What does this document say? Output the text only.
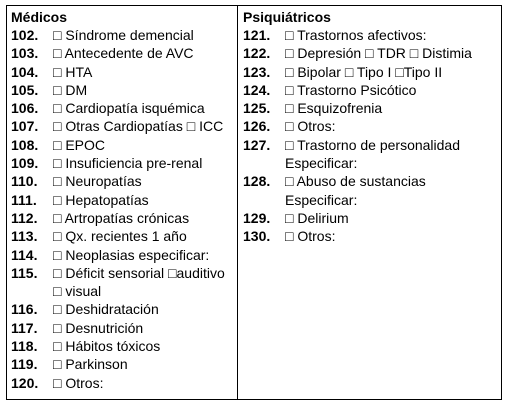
Médicos
102.	□ Síndrome demencial
103.	□ Antecedente de AVC
104.	□ HTA
105.	□ DM
106.	□ Cardiopatía isquémica
107.	□ Otras Cardiopatías □ ICC
108.	□ EPOC
109.	□ Insuficiencia pre-renal
110.	□ Neuropatías
111.	□ Hepatopatías
112.	□ Artropatías crónicas
113.	□ Qx. recientes 1 año
114.	□ Neoplasias especificar:
115.	□ Déficit sensorial □auditivo
□ visual
116.	□ Deshidratación
117.	□ Desnutrición
118.	□ Hábitos tóxicos
119.	□ Parkinson
120.	□ Otros:
Psiquiátricos
121.	□ Trastornos afectivos:
122.	□ Depresión □ TDR □ Distimia
123.	□ Bipolar □ Tipo I □Tipo II
124.	□ Trastorno Psicótico
125.	□ Esquizofrenia
126.	□ Otros:
127.	□ Trastorno de personalidad
Especificar:
128.	□ Abuso de sustancias
Especificar:
129.	□ Delirium
130.	□ Otros:
